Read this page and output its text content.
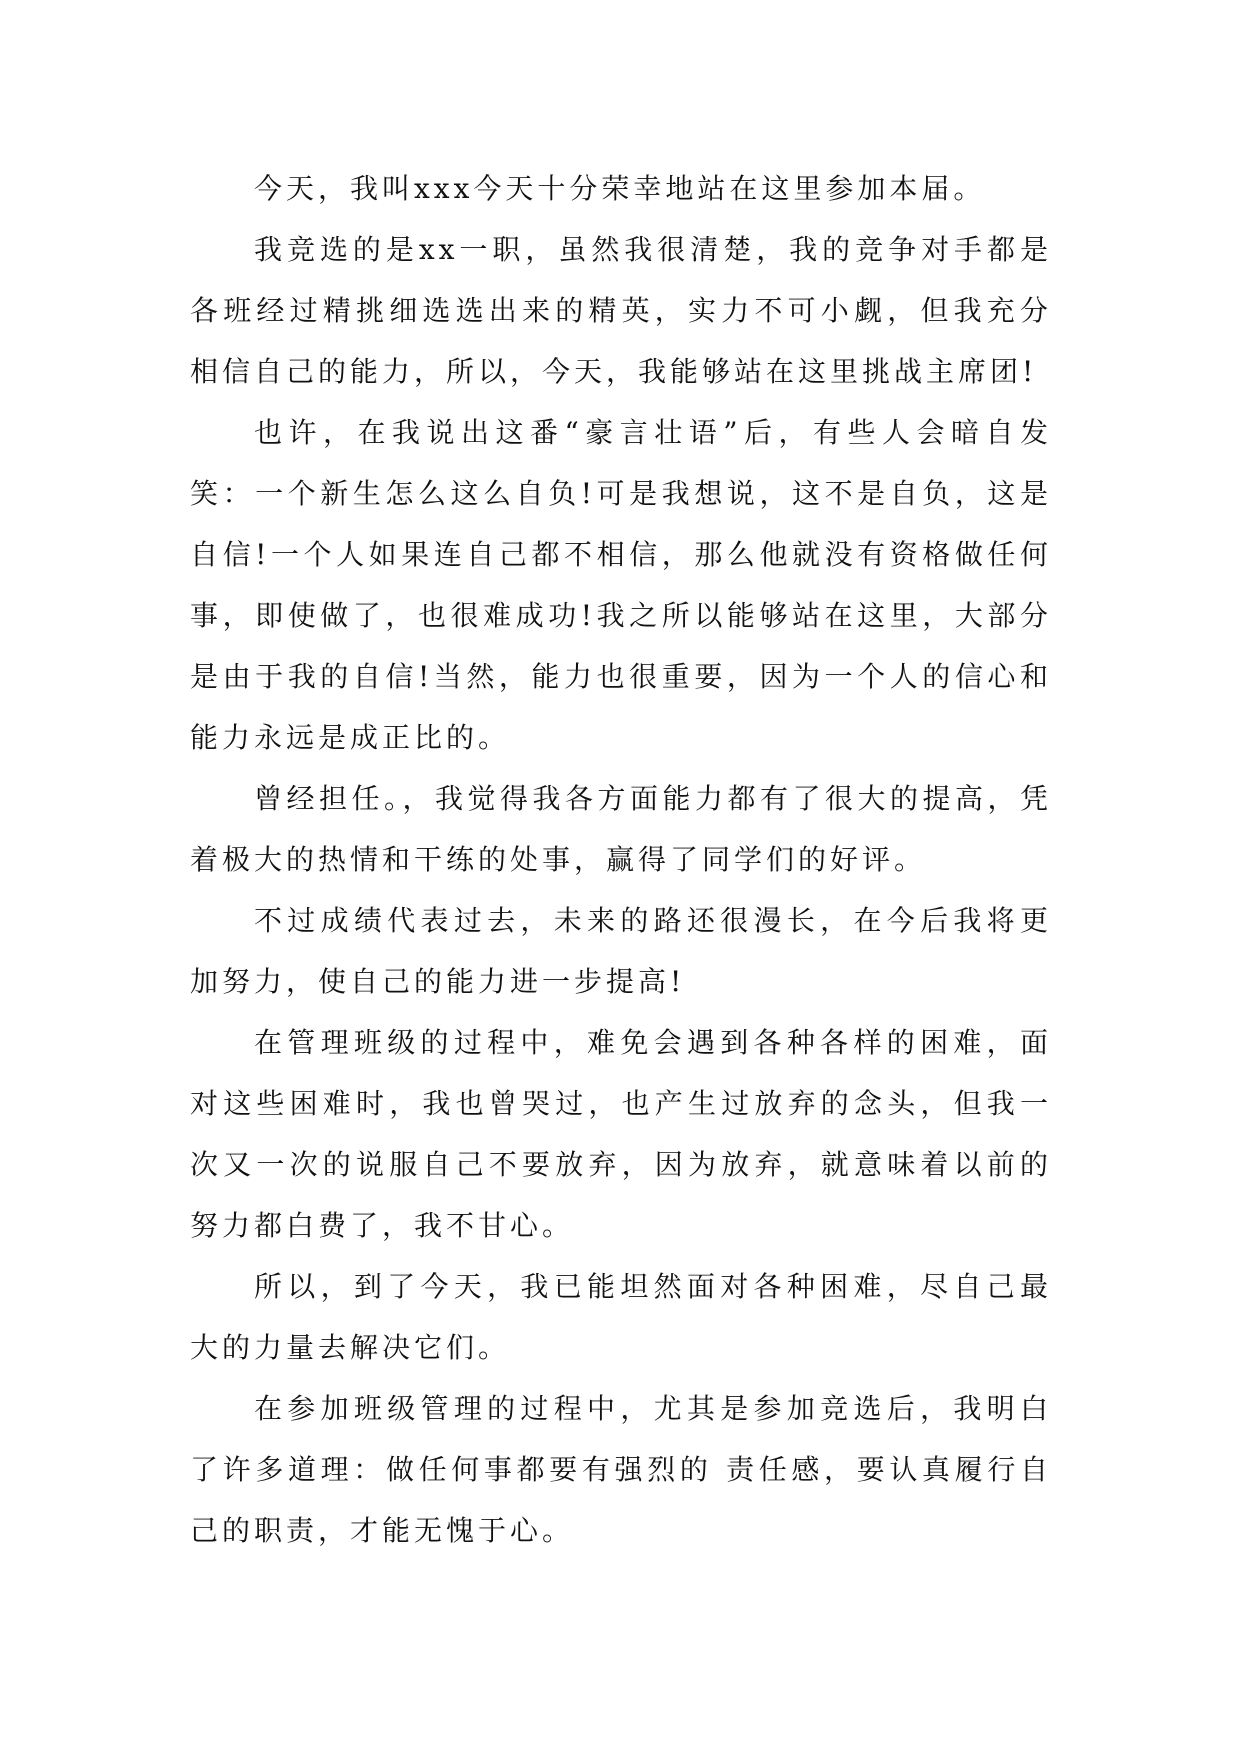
今天，我叫xxx今天十分荣幸地站在这里参加本届。

我竞选的是xx一职，虽然我很清楚，我的竞争对手都是各班经过精挑细选选出来的精英，实力不可小觑，但我充分相信自己的能力，所以，今天，我能够站在这里挑战主席团!

也许，在我说出这番“豪言壮语”后，有些人会暗自发笑：一个新生怎么这么自负!可是我想说，这不是自负，这是自信!一个人如果连自己都不相信，那么他就没有资格做任何事，即使做了，也很难成功!我之所以能够站在这里，大部分是由于我的自信!当然，能力也很重要，因为一个人的信心和能力永远是成正比的。

曾经担任。，我觉得我各方面能力都有了很大的提高，凭着极大的热情和干练的处事，赢得了同学们的好评。

不过成绩代表过去，未来的路还很漫长，在今后我将更加努力，使自己的能力进一步提高!

在管理班级的过程中，难免会遇到各种各样的困难，面对这些困难时，我也曾哭过，也产生过放弃的念头，但我一次又一次的说服自己不要放弃，因为放弃，就意味着以前的努力都白费了，我不甘心。

所以，到了今天，我已能坦然面对各种困难，尽自己最大的力量去解决它们。

在参加班级管理的过程中，尤其是参加竞选后，我明白了许多道理：做任何事都要有强烈的 责任感，要认真履行自己的职责，才能无愧于心。
